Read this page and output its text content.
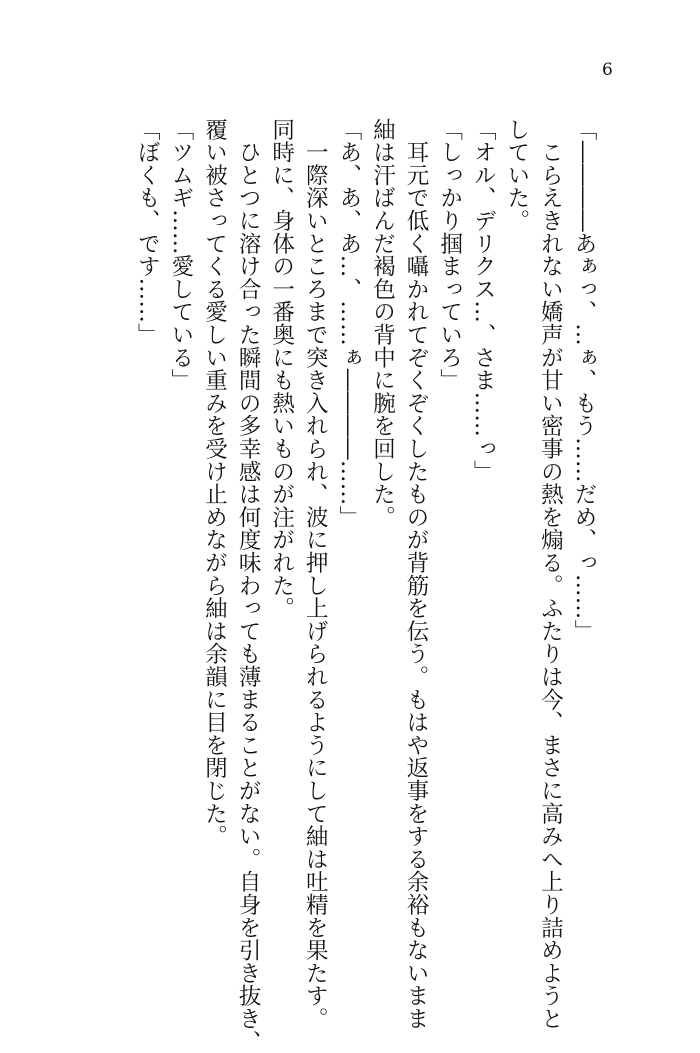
6

「――――あぁっ、…ぁ、もう……だめ、っ……」

こらえきれない嬌声が甘い密事の熱を煽る。ふたりは今、まさに高みへ上り詰めようと

していた。

「オル、デリクス…、さま……っ」

「しっかり掴まっていろ」

耳元で低く囁かれてぞくぞくしたものが背筋を伝う。もはや返事をする余裕もないまま

紬は汗ばんだ褐色の背中に腕を回した。

「あ、あ、あ…、……ぁ――――……」

一際深いところまで突き入れられ、波に押し上げられるようにして紬は吐精を果たす。

同時に、身体の一番奥にも熱いものが注がれた。

ひとつに溶け合った瞬間の多幸感は何度味わっても薄まることがない。自身を引き抜き、

覆い被さってくる愛しい重みを受け止めながら紬は余韻に目を閉じた。

「ツムギ……愛している」

「ぼくも、です……」
